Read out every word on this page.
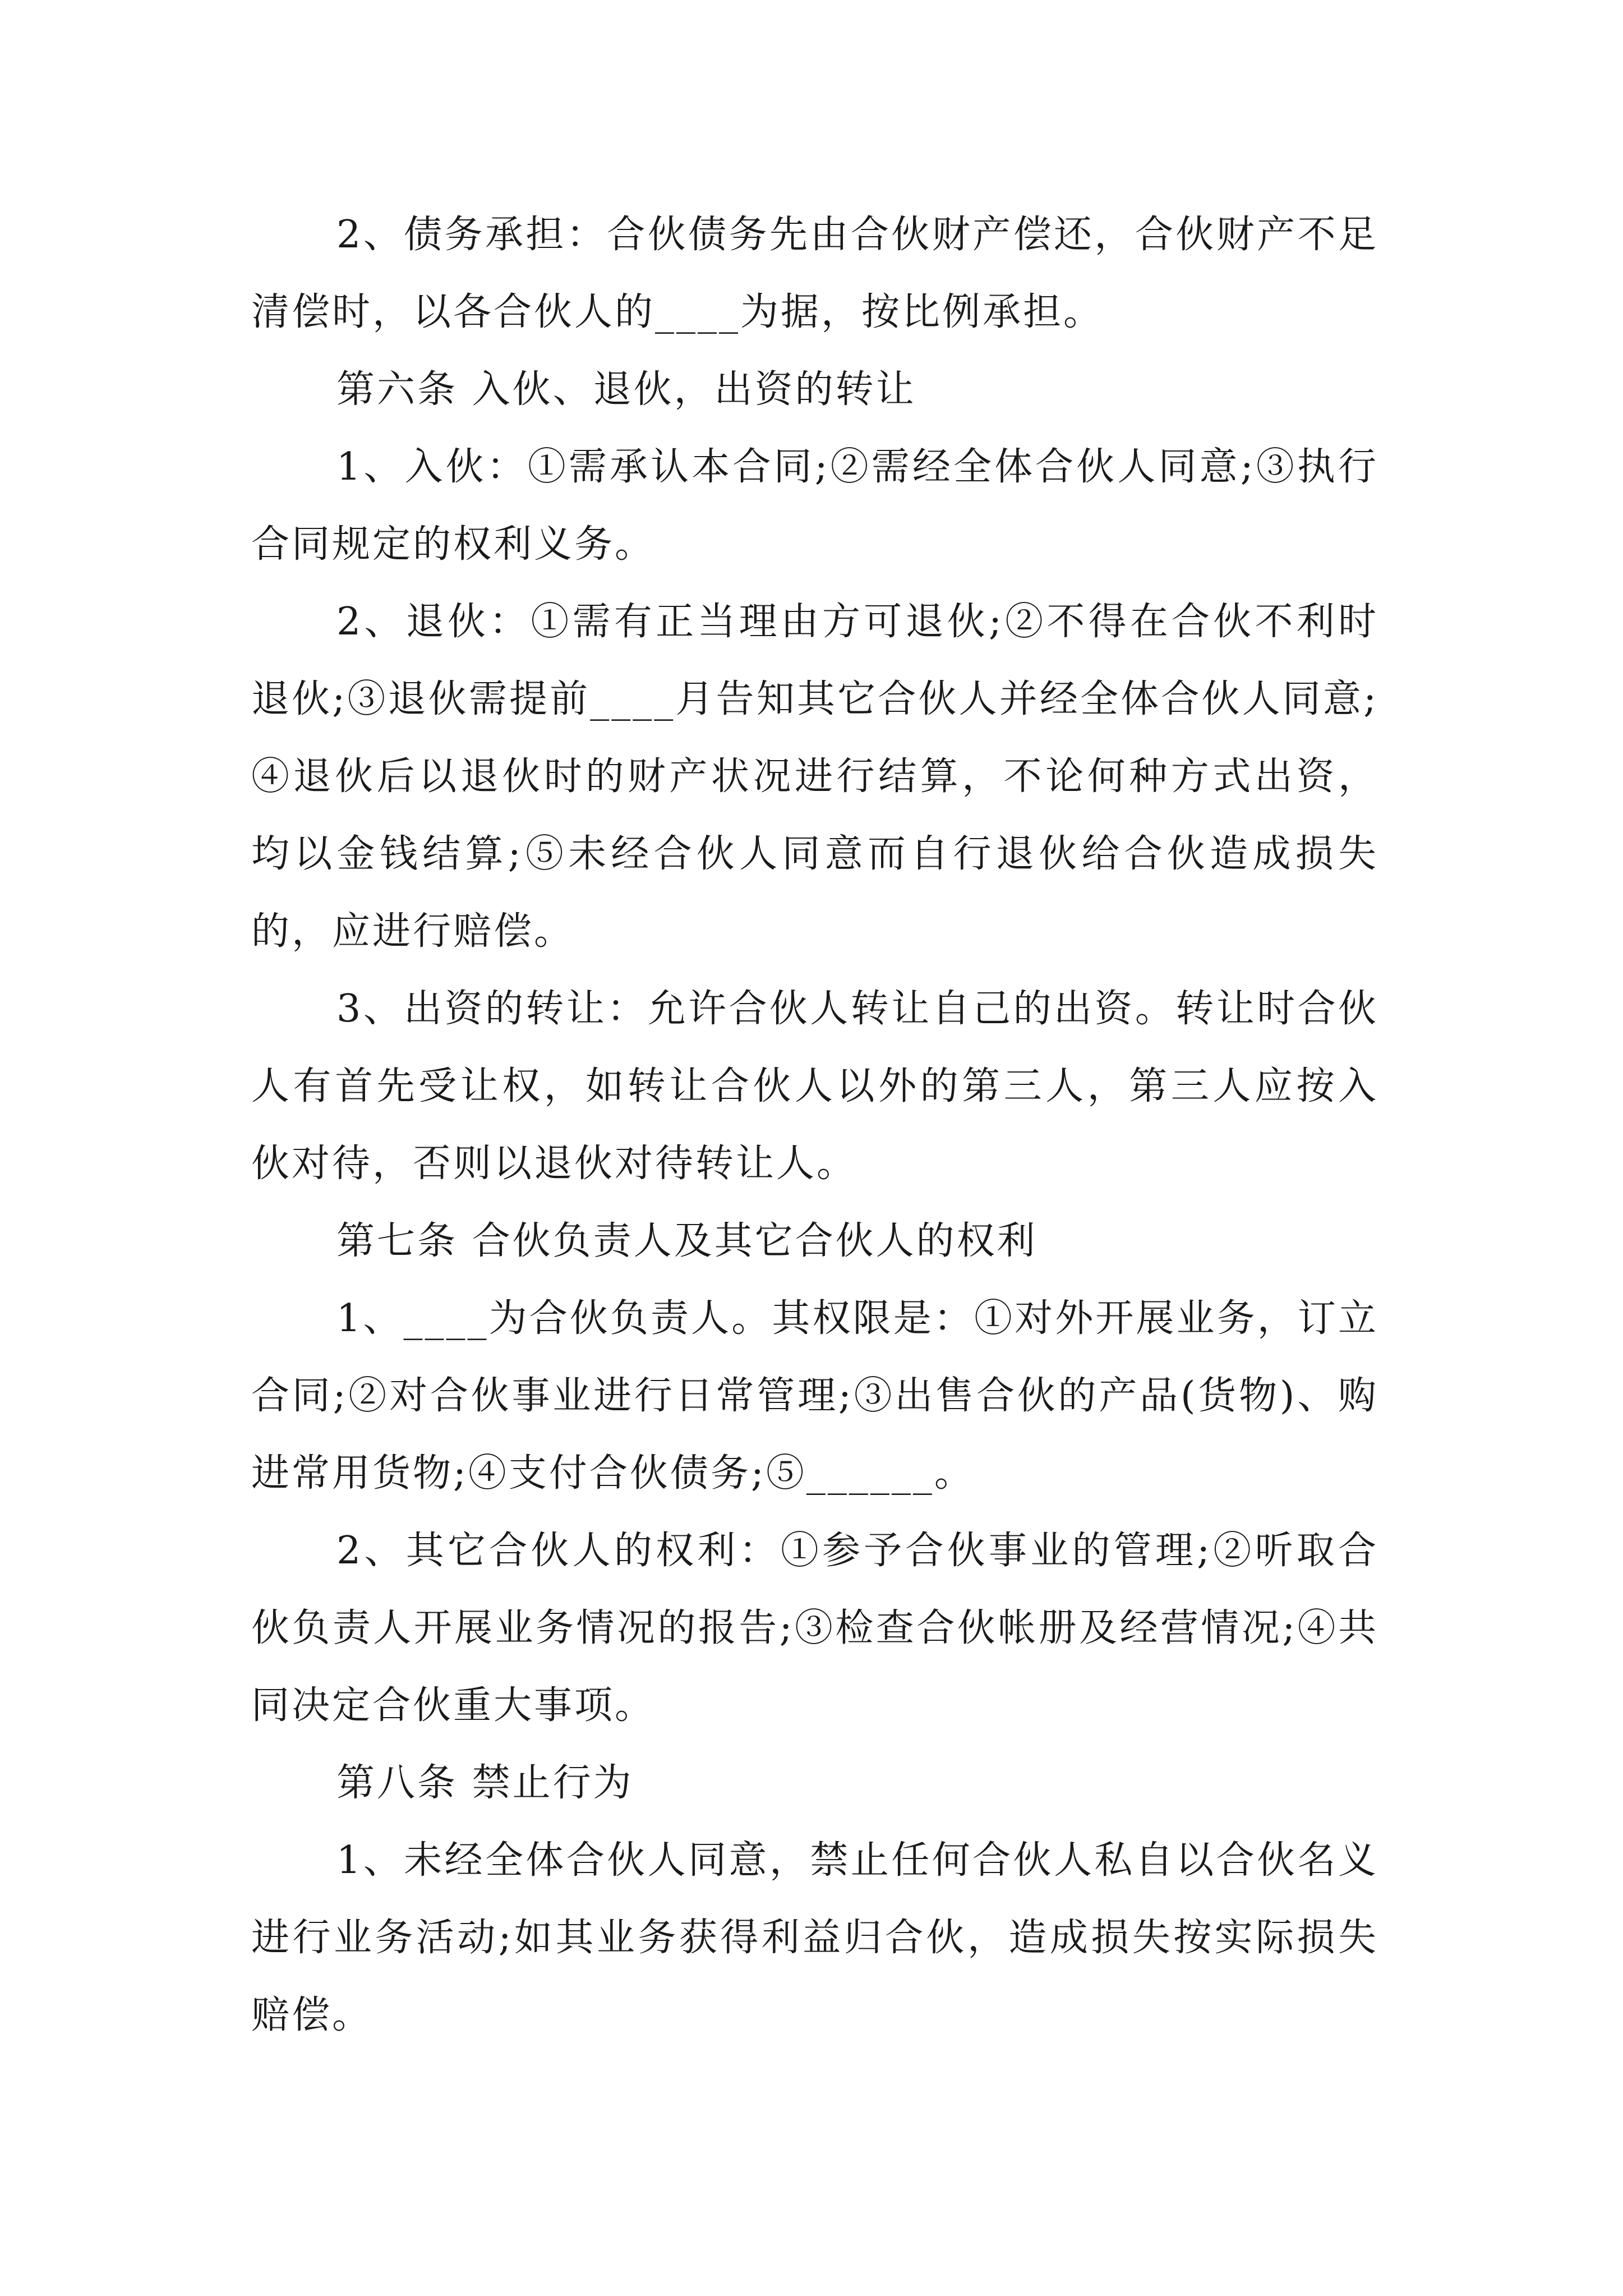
2、债务承担：合伙债务先由合伙财产偿还，合伙财产不足清偿时，以各合伙人的____为据，按比例承担。

第六条 入伙、退伙，出资的转让

1、入伙：①需承认本合同;②需经全体合伙人同意;③执行合同规定的权利义务。

2、退伙：①需有正当理由方可退伙;②不得在合伙不利时退伙;③退伙需提前____月告知其它合伙人并经全体合伙人同意;④退伙后以退伙时的财产状况进行结算，不论何种方式出资，均以金钱结算;⑤未经合伙人同意而自行退伙给合伙造成损失的，应进行赔偿。

3、出资的转让：允许合伙人转让自己的出资。转让时合伙人有首先受让权，如转让合伙人以外的第三人，第三人应按入伙对待，否则以退伙对待转让人。

第七条 合伙负责人及其它合伙人的权利

1、____为合伙负责人。其权限是：①对外开展业务，订立合同;②对合伙事业进行日常管理;③出售合伙的产品(货物)、购进常用货物;④支付合伙债务;⑤______。

2、其它合伙人的权利：①参予合伙事业的管理;②听取合伙负责人开展业务情况的报告;③检查合伙帐册及经营情况;④共同决定合伙重大事项。

第八条 禁止行为

1、未经全体合伙人同意，禁止任何合伙人私自以合伙名义进行业务活动;如其业务获得利益归合伙，造成损失按实际损失赔偿。
